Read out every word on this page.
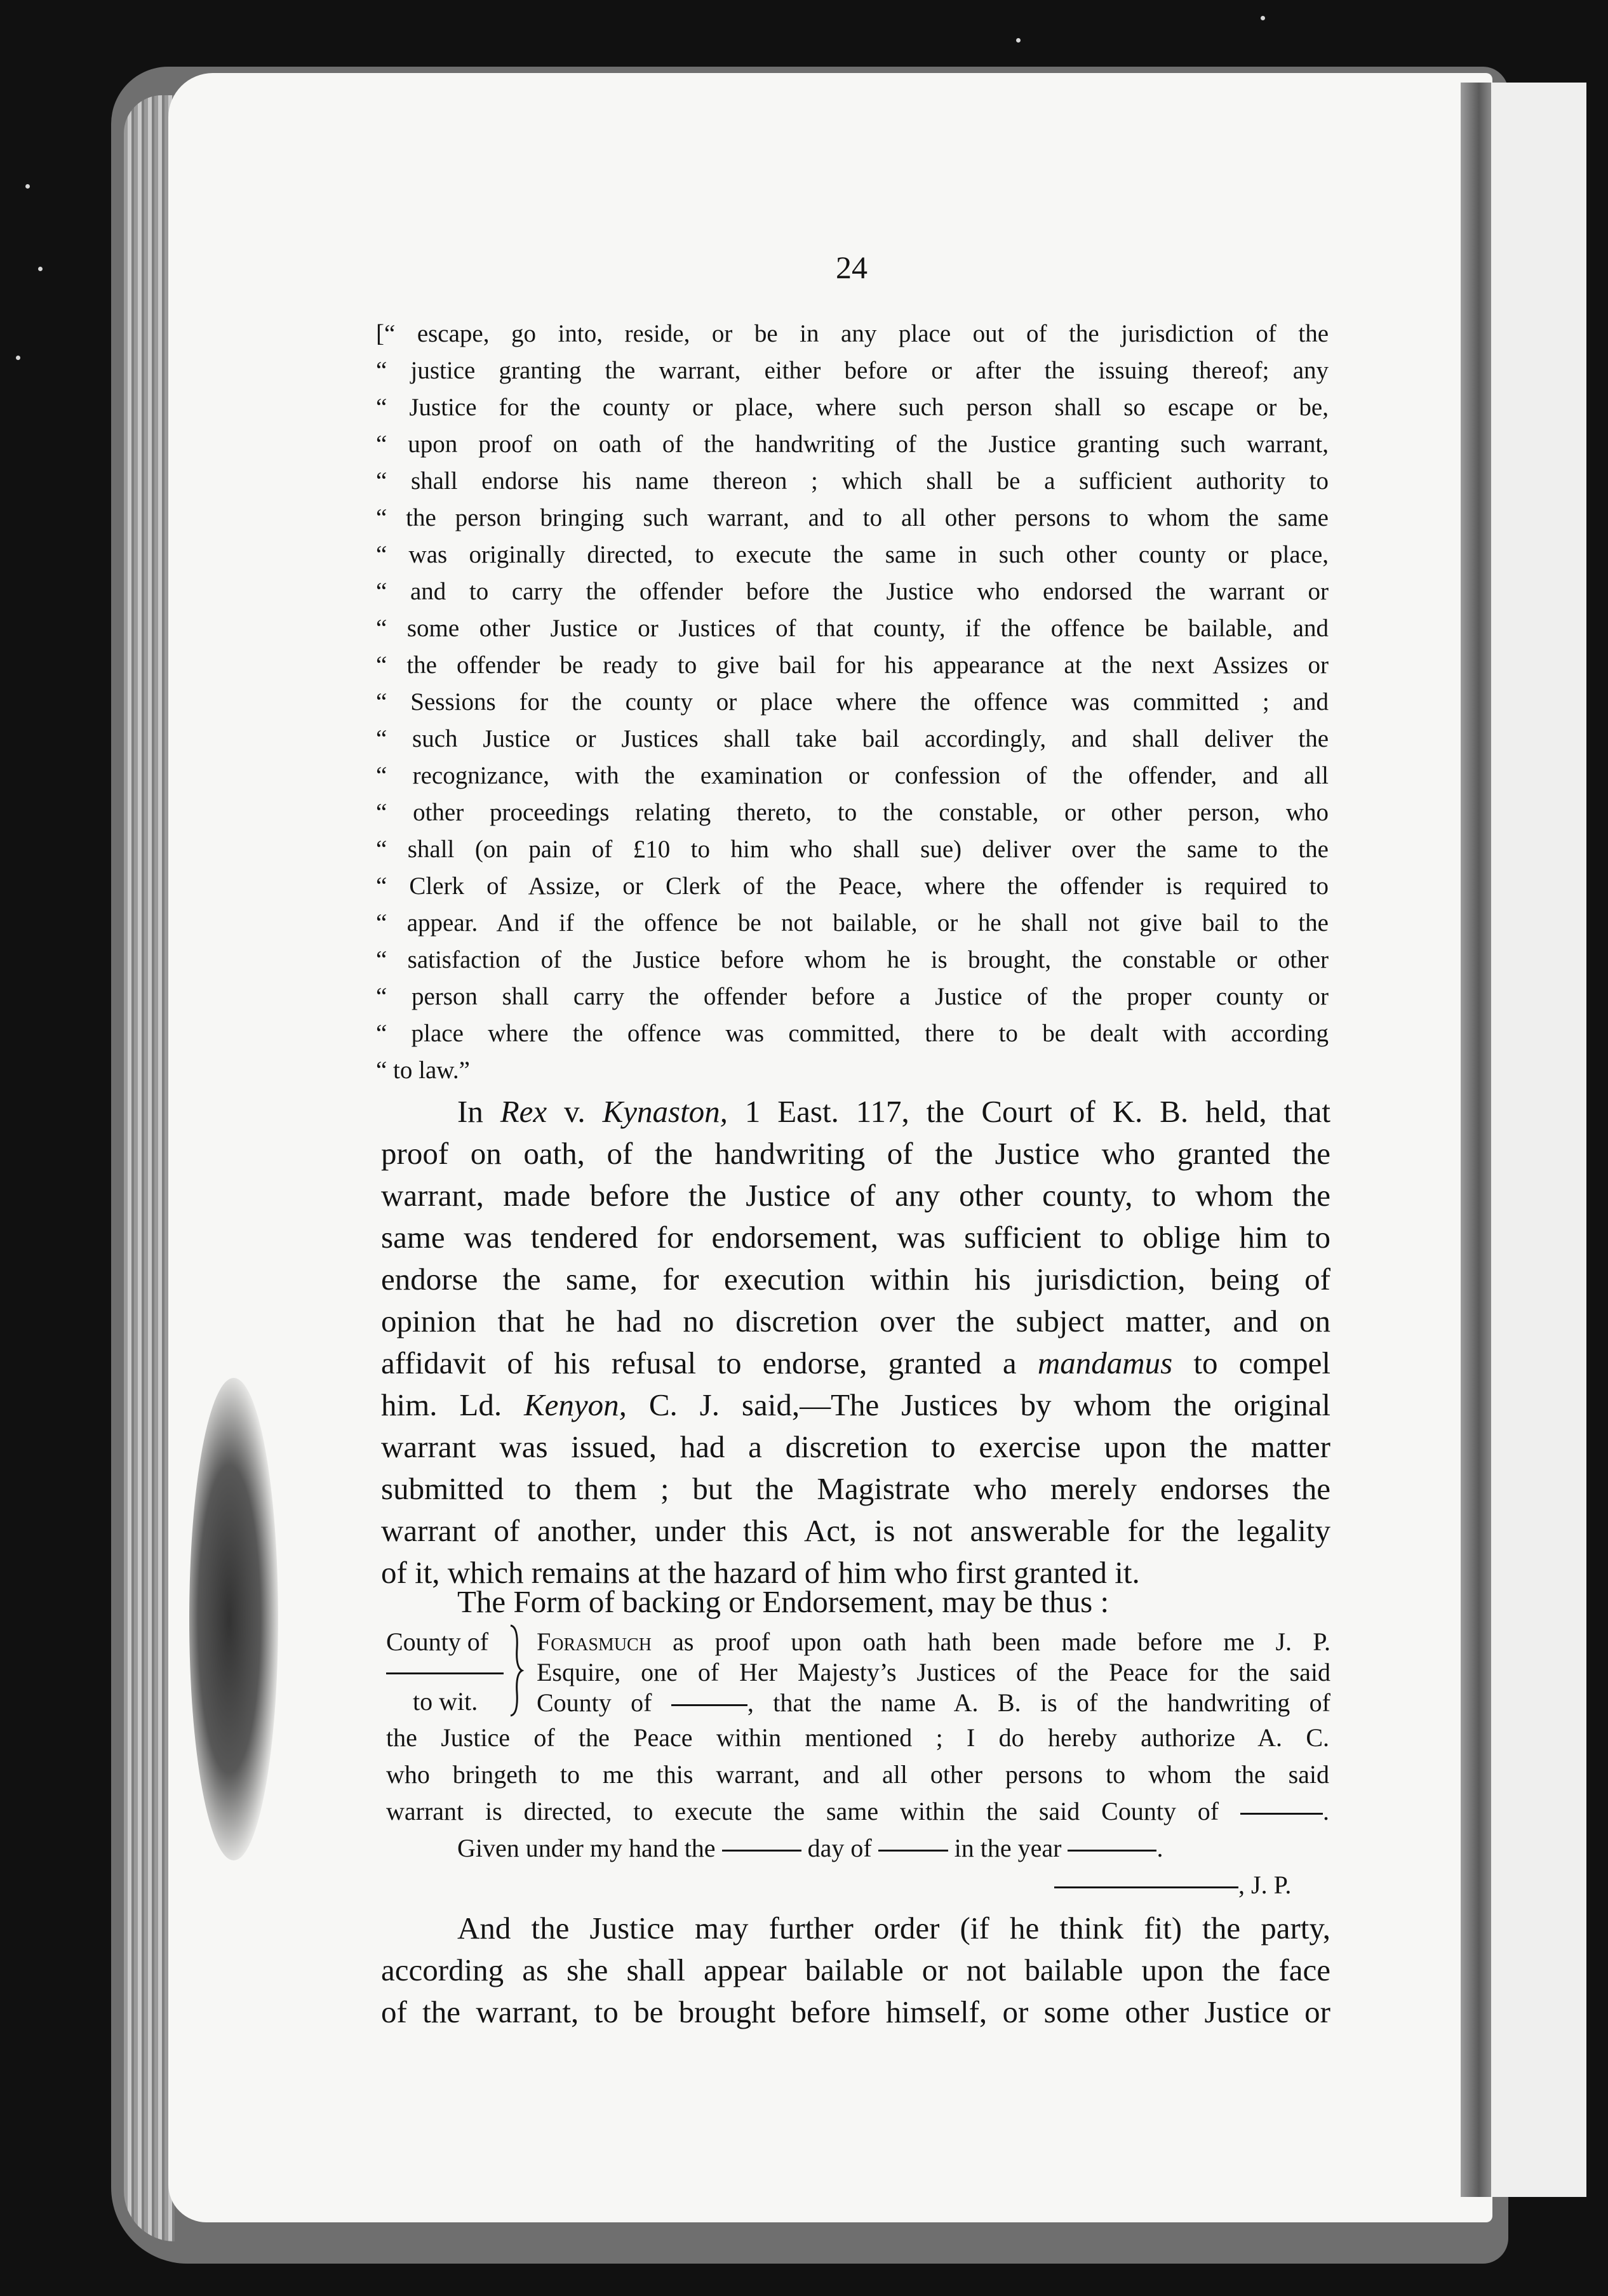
24
[“ escape, go into, reside, or be in any place out of the jurisdiction of the
“ justice granting the warrant, either before or after the issuing thereof; any
“ Justice for the county or place, where such person shall so escape or be,
“ upon proof on oath of the handwriting of the Justice granting such warrant,
“ shall endorse his name thereon ; which shall be a sufficient authority to
“ the person bringing such warrant, and to all other persons to whom the same
“ was originally directed, to execute the same in such other county or place,
“ and to carry the offender before the Justice who endorsed the warrant or
“ some other Justice or Justices of that county, if the offence be bailable, and
“ the offender be ready to give bail for his appearance at the next Assizes or
“ Sessions for the county or place where the offence was committed ; and
“ such Justice or Justices shall take bail accordingly, and shall deliver the
“ recognizance, with the examination or confession of the offender, and all
“ other proceedings relating thereto, to the constable, or other person, who
“ shall (on pain of £10 to him who shall sue) deliver over the same to the
“ Clerk of Assize, or Clerk of the Peace, where the offender is required to
“ appear. And if the offence be not bailable, or he shall not give bail to the
“ satisfaction of the Justice before whom he is brought, the constable or other
“ person shall carry the offender before a Justice of the proper county or
“ place where the offence was committed, there to be dealt with according
“ to law.”
In Rex v. Kynaston, 1 East. 117, the Court of K. B. held, that
proof on oath, of the handwriting of the Justice who granted the
warrant, made before the Justice of any other county, to whom the
same was tendered for endorsement, was sufficient to oblige him to
endorse the same, for execution within his jurisdiction, being of
opinion that he had no discretion over the subject matter, and on
affidavit of his refusal to endorse, granted a mandamus to compel
him. Ld. Kenyon, C. J. said,—The Justices by whom the original
warrant was issued, had a discretion to exercise upon the matter
submitted to them ; but the Magistrate who merely endorses the
warrant of another, under this Act, is not answerable for the legality
of it, which remains at the hazard of him who first granted it.
The Form of backing or Endorsement, may be thus :
County of
to wit.
Forasmuch as proof upon oath hath been made before me J. P.
Esquire, one of Her Majesty’s Justices of the Peace for the said
County of	, that the name A. B. is of the handwriting of
the Justice of the Peace within mentioned ; I do hereby authorize A. C.
who bringeth to me this warrant, and all other persons to whom the said
warrant is directed, to execute the same within the said County of	.
Given under my hand the	day of	in the year	.
, J. P.
And the Justice may further order (if he think fit) the party,
according as she shall appear bailable or not bailable upon the face
of the warrant, to be brought before himself, or some other Justice or
